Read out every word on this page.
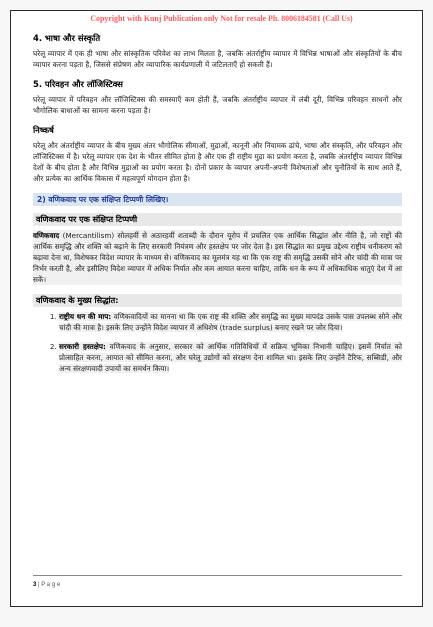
Copyright with Kunj Publication only Not for resale Ph. 8006184581 (Call Us)
4. भाषा और संस्कृति

घरेलू व्यापार में एक ही भाषा और सांस्कृतिक परिवेश का लाभ मिलता है, जबकि अंतर्राष्ट्रीय व्यापार में विभिन्न भाषाओं और संस्कृतियों के बीच व्यापार करना पड़ता है, जिससे संप्रेषण और व्यापारिक कार्यप्रणाली में जटिलताएँ हो सकती हैं।

5. परिवहन और लॉजिस्टिक्स

घरेलू व्यापार में परिवहन और लॉजिस्टिक्स की समस्याएँ कम होती हैं, जबकि अंतर्राष्ट्रीय व्यापार में लंबी दूरी, विभिन्न परिवहन साधनों और भौगोलिक बाधाओं का सामना करना पड़ता है।

निष्कर्ष

घरेलू और अंतर्राष्ट्रीय व्यापार के बीच मुख्य अंतर भौगोलिक सीमाओं, मुद्राओं, कानूनी और नियामक ढांचे, भाषा और संस्कृति, और परिवहन और लॉजिस्टिक्स में है। घरेलू व्यापार एक देश के भीतर सीमित होता है और एक ही राष्ट्रीय मुद्रा का प्रयोग करता है, जबकि अंतर्राष्ट्रीय व्यापार विभिन्न देशों के बीच होता है और विभिन्न मुद्राओं का प्रयोग करता है। दोनों प्रकार के व्यापार अपनी-अपनी विशेषताओं और चुनौतियों के साथ आते हैं, और प्रत्येक का आर्थिक विकास में महत्वपूर्ण योगदान होता है।

2) वणिकवाद पर एक संक्षिप्त टिप्पणी लिखिए।
वणिकवाद पर एक संक्षिप्त टिप्पणी

वणिकवाद (Mercantilism) सोलहवीं से अठारहवीं शताब्दी के दौरान यूरोप में प्रचलित एक आर्थिक सिद्धांत और नीति है, जो राष्ट्रों की आर्थिक समृद्धि और शक्ति को बढ़ाने के लिए सरकारी नियंत्रण और हस्तक्षेप पर जोर देता है। इस सिद्धांत का प्रमुख उद्देश्य राष्ट्रीय धनीकरण को बढ़ावा देना था, विशेषकर विदेश व्यापार के माध्यम से। वणिकवाद का मूलमंत्र यह था कि एक राष्ट्र की समृद्धि उसकी सोने और चांदी की मात्रा पर निर्भर करती है, और इसीलिए विदेश व्यापार में अधिक निर्यात और कम आयात करना चाहिए, ताकि धन के रूप में अधिकाधिक धातुएं देश में आ सकें।

वणिकवाद के मुख्य सिद्धांत:
1. राष्ट्रीय धन की माप: वणिकवादियों का मानना था कि एक राष्ट्र की शक्ति और समृद्धि का मुख्य मापदंड उसके पास उपलब्ध सोने और चांदी की मात्रा है। इसके लिए उन्होंने विदेश व्यापार में अधिशेष (trade surplus) बनाए रखने पर जोर दिया।
2. सरकारी हस्तक्षेप: वणिकवाद के अनुसार, सरकार को आर्थिक गतिविधियों में सक्रिय भूमिका निभानी चाहिए। इसमें निर्यात को प्रोत्साहित करना, आयात को सीमित करना, और घरेलू उद्योगों को संरक्षण देना शामिल था। इसके लिए उन्होंने टैरिफ, सब्सिडी, और अन्य संरक्षणवादी उपायों का समर्थन किया।
3 | P a g e
